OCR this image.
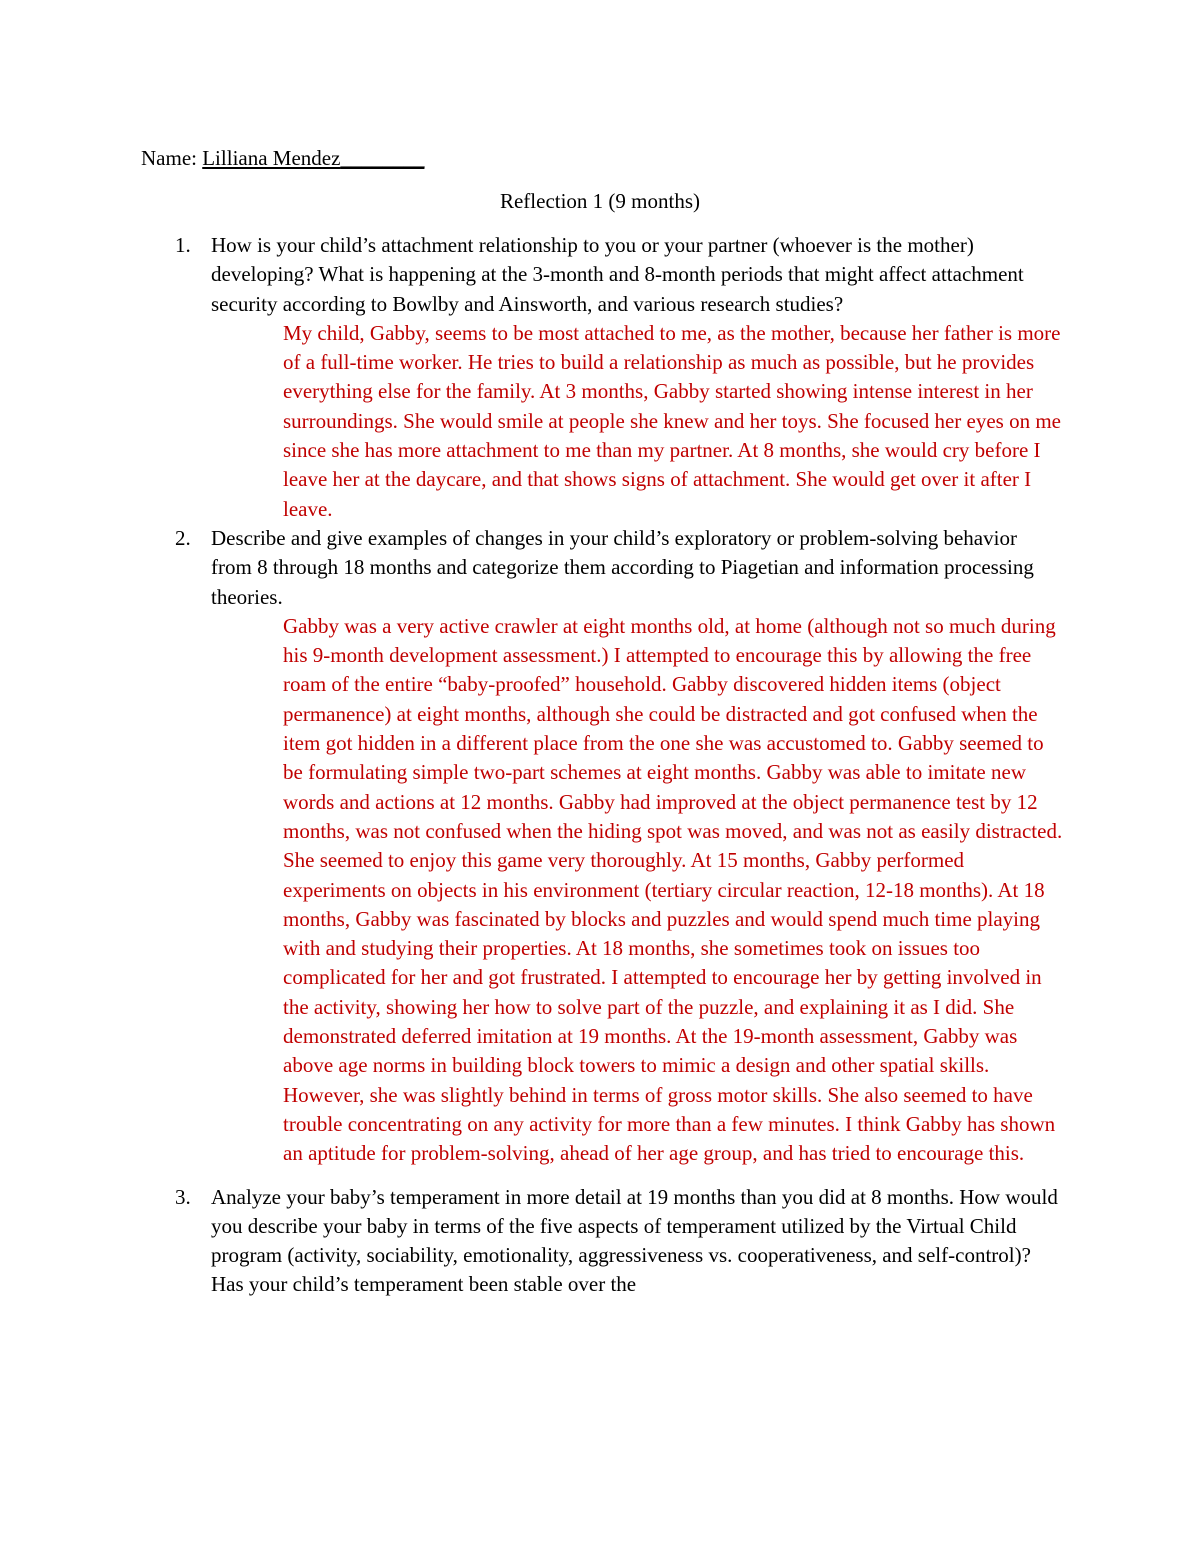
Name: Lilliana Mendez________
Reflection 1 (9 months)
1. How is your child’s attachment relationship to you or your partner (whoever is the mother) developing? What is happening at the 3-month and 8-month periods that might affect attachment security according to Bowlby and Ainsworth, and various research studies?
My child, Gabby, seems to be most attached to me, as the mother, because her father is more of a full-time worker. He tries to build a relationship as much as possible, but he provides everything else for the family. At 3 months, Gabby started showing intense interest in her surroundings. She would smile at people she knew and her toys. She focused her eyes on me since she has more attachment to me than my partner. At 8 months, she would cry before I leave her at the daycare, and that shows signs of attachment. She would get over it after I leave.
2. Describe and give examples of changes in your child’s exploratory or problem-solving behavior from 8 through 18 months and categorize them according to Piagetian and information processing theories.
Gabby was a very active crawler at eight months old, at home (although not so much during his 9-month development assessment.) I attempted to encourage this by allowing the free roam of the entire “baby-proofed” household. Gabby discovered hidden items (object permanence) at eight months, although she could be distracted and got confused when the item got hidden in a different place from the one she was accustomed to. Gabby seemed to be formulating simple two-part schemes at eight months. Gabby was able to imitate new words and actions at 12 months. Gabby had improved at the object permanence test by 12 months, was not confused when the hiding spot was moved, and was not as easily distracted. She seemed to enjoy this game very thoroughly. At 15 months, Gabby performed experiments on objects in his environment (tertiary circular reaction, 12-18 months). At 18 months, Gabby was fascinated by blocks and puzzles and would spend much time playing with and studying their properties. At 18 months, she sometimes took on issues too complicated for her and got frustrated. I attempted to encourage her by getting involved in the activity, showing her how to solve part of the puzzle, and explaining it as I did. She demonstrated deferred imitation at 19 months. At the 19-month assessment, Gabby was above age norms in building block towers to mimic a design and other spatial skills. However, she was slightly behind in terms of gross motor skills. She also seemed to have trouble concentrating on any activity for more than a few minutes. I think Gabby has shown an aptitude for problem-solving, ahead of her age group, and has tried to encourage this.
3. Analyze your baby’s temperament in more detail at 19 months than you did at 8 months. How would you describe your baby in terms of the five aspects of temperament utilized by the Virtual Child program (activity, sociability, emotionality, aggressiveness vs. cooperativeness, and self-control)? Has your child’s temperament been stable over the
